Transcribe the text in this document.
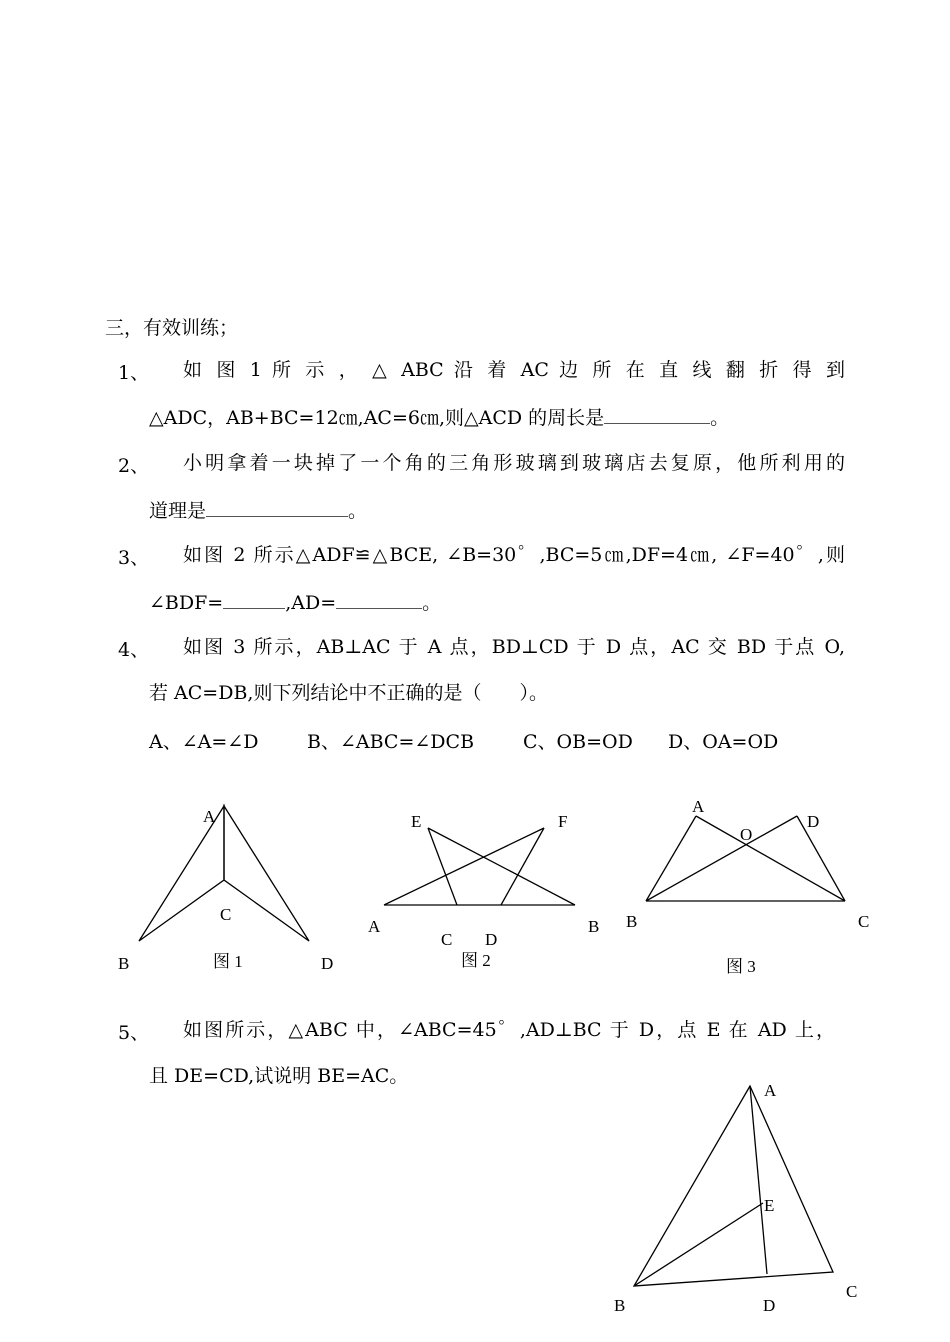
三，有效训练；
1、 如 图 1 所 示 ， △ ABC 沿 着 AC 边 所 在 直 线 翻 折 得 到
△ADC，AB+BC=12㎝,AC=6㎝,则△ACD 的周长是	。
2、 小明拿着一块掉了一个角的三角形玻璃到玻璃店去复原，他所利用的
道理是	。
3、 如图 2 所示△ADF≌△BCE, ∠B=30゜,BC=5㎝,DF=4㎝, ∠F=40゜,则
∠BDF=	,AD=	。
4、 如图 3 所示，AB⊥AC 于 A 点，BD⊥CD 于 D 点，AC 交 BD 于点 O,
若 AC=DB,则下列结论中不正确的是（　　）。
A、∠A=∠D	B、∠ABC=∠DCB	C、OB=OD D、OA=OD
A
B
C
D
图 1
E	F
A	B
C D
图 2
A
D
O
B	C
图 3
A
E
B	D
C
5、 如图所示，△ABC 中，∠ABC=45゜,AD⊥BC 于 D，点 E 在 AD 上，
且 DE=CD,试说明 BE=AC。
